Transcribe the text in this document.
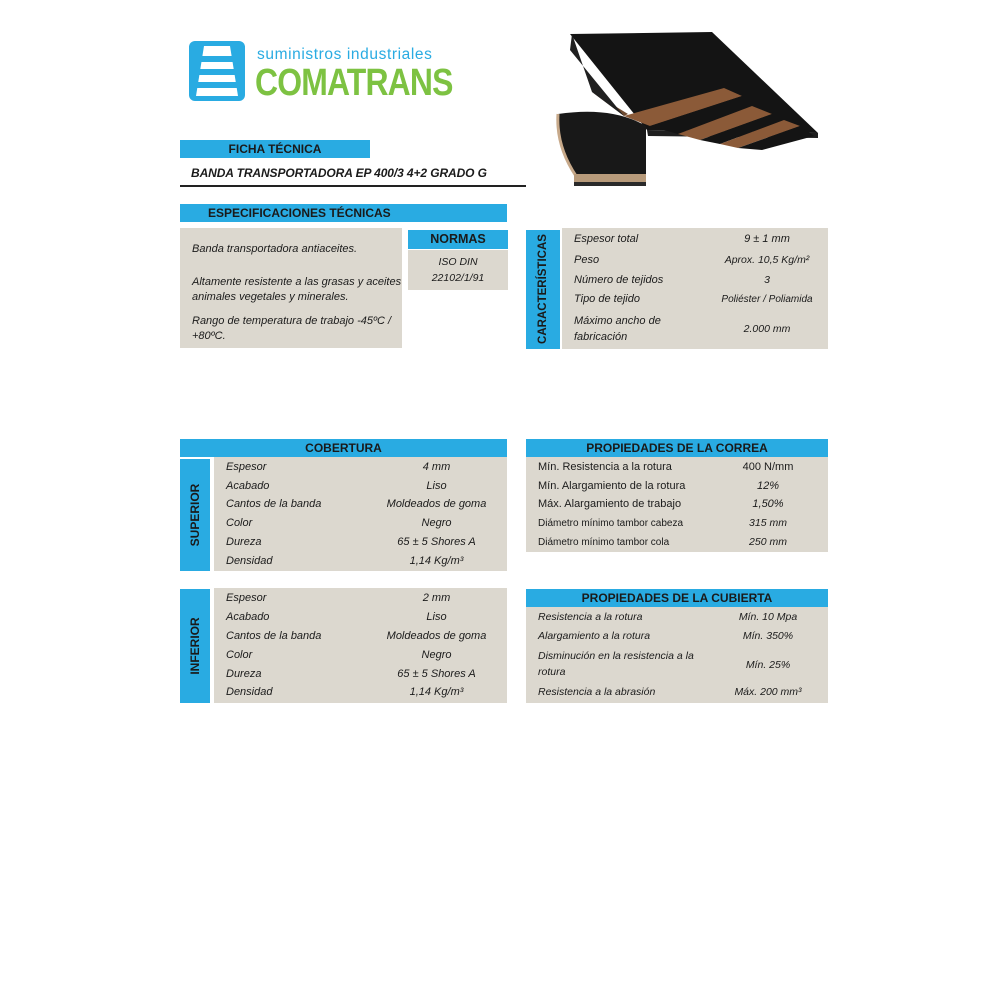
suministros industriales
COMATRANS
FICHA TÉCNICA
BANDA TRANSPORTADORA EP 400/3 4+2 GRADO G
ESPECIFICACIONES TÉCNICAS
Banda transportadora antiaceites.
Altamente resistente a las grasas y aceites animales vegetales y minerales.
Rango de temperatura de trabajo -45ºC / +80ºC.
NORMAS
ISO DIN
22102/1/91	CARACTERÍSTICAS Espesor total	9 ± 1 mm
Peso	Aprox. 10,5 Kg/m²
Número de tejidos	3
Tipo de tejido	Poliéster / Poliamida
Máximo ancho de fabricación
2.000 mm
COBERTURA
SUPERIOR
Espesor	4 mm
Acabado	Liso
Cantos de la banda	Moldeados de goma
Color	Negro
Dureza	65 ± 5 Shores A
Densidad	1,14 Kg/m³
INFERIOR
Espesor	2 mm
Acabado	Liso
Cantos de la banda	Moldeados de goma
Color	Negro
Dureza	65 ± 5 Shores A
Densidad	1,14 Kg/m³
PROPIEDADES DE LA CORREA
Mín. Resistencia a la rotura	400 N/mm
Mín. Alargamiento de la rotura	12%
Máx. Alargamiento de trabajo	1,50%
Diámetro mínimo tambor cabeza	315 mm
Diámetro mínimo tambor cola	250 mm
PROPIEDADES DE LA CUBIERTA
Resistencia a la rotura	Mín. 10 Mpa
Alargamiento a la rotura	Mín. 350%
Disminución en la resistencia a la rotura
Mín. 25%
Resistencia a la abrasión	Máx. 200 mm³
